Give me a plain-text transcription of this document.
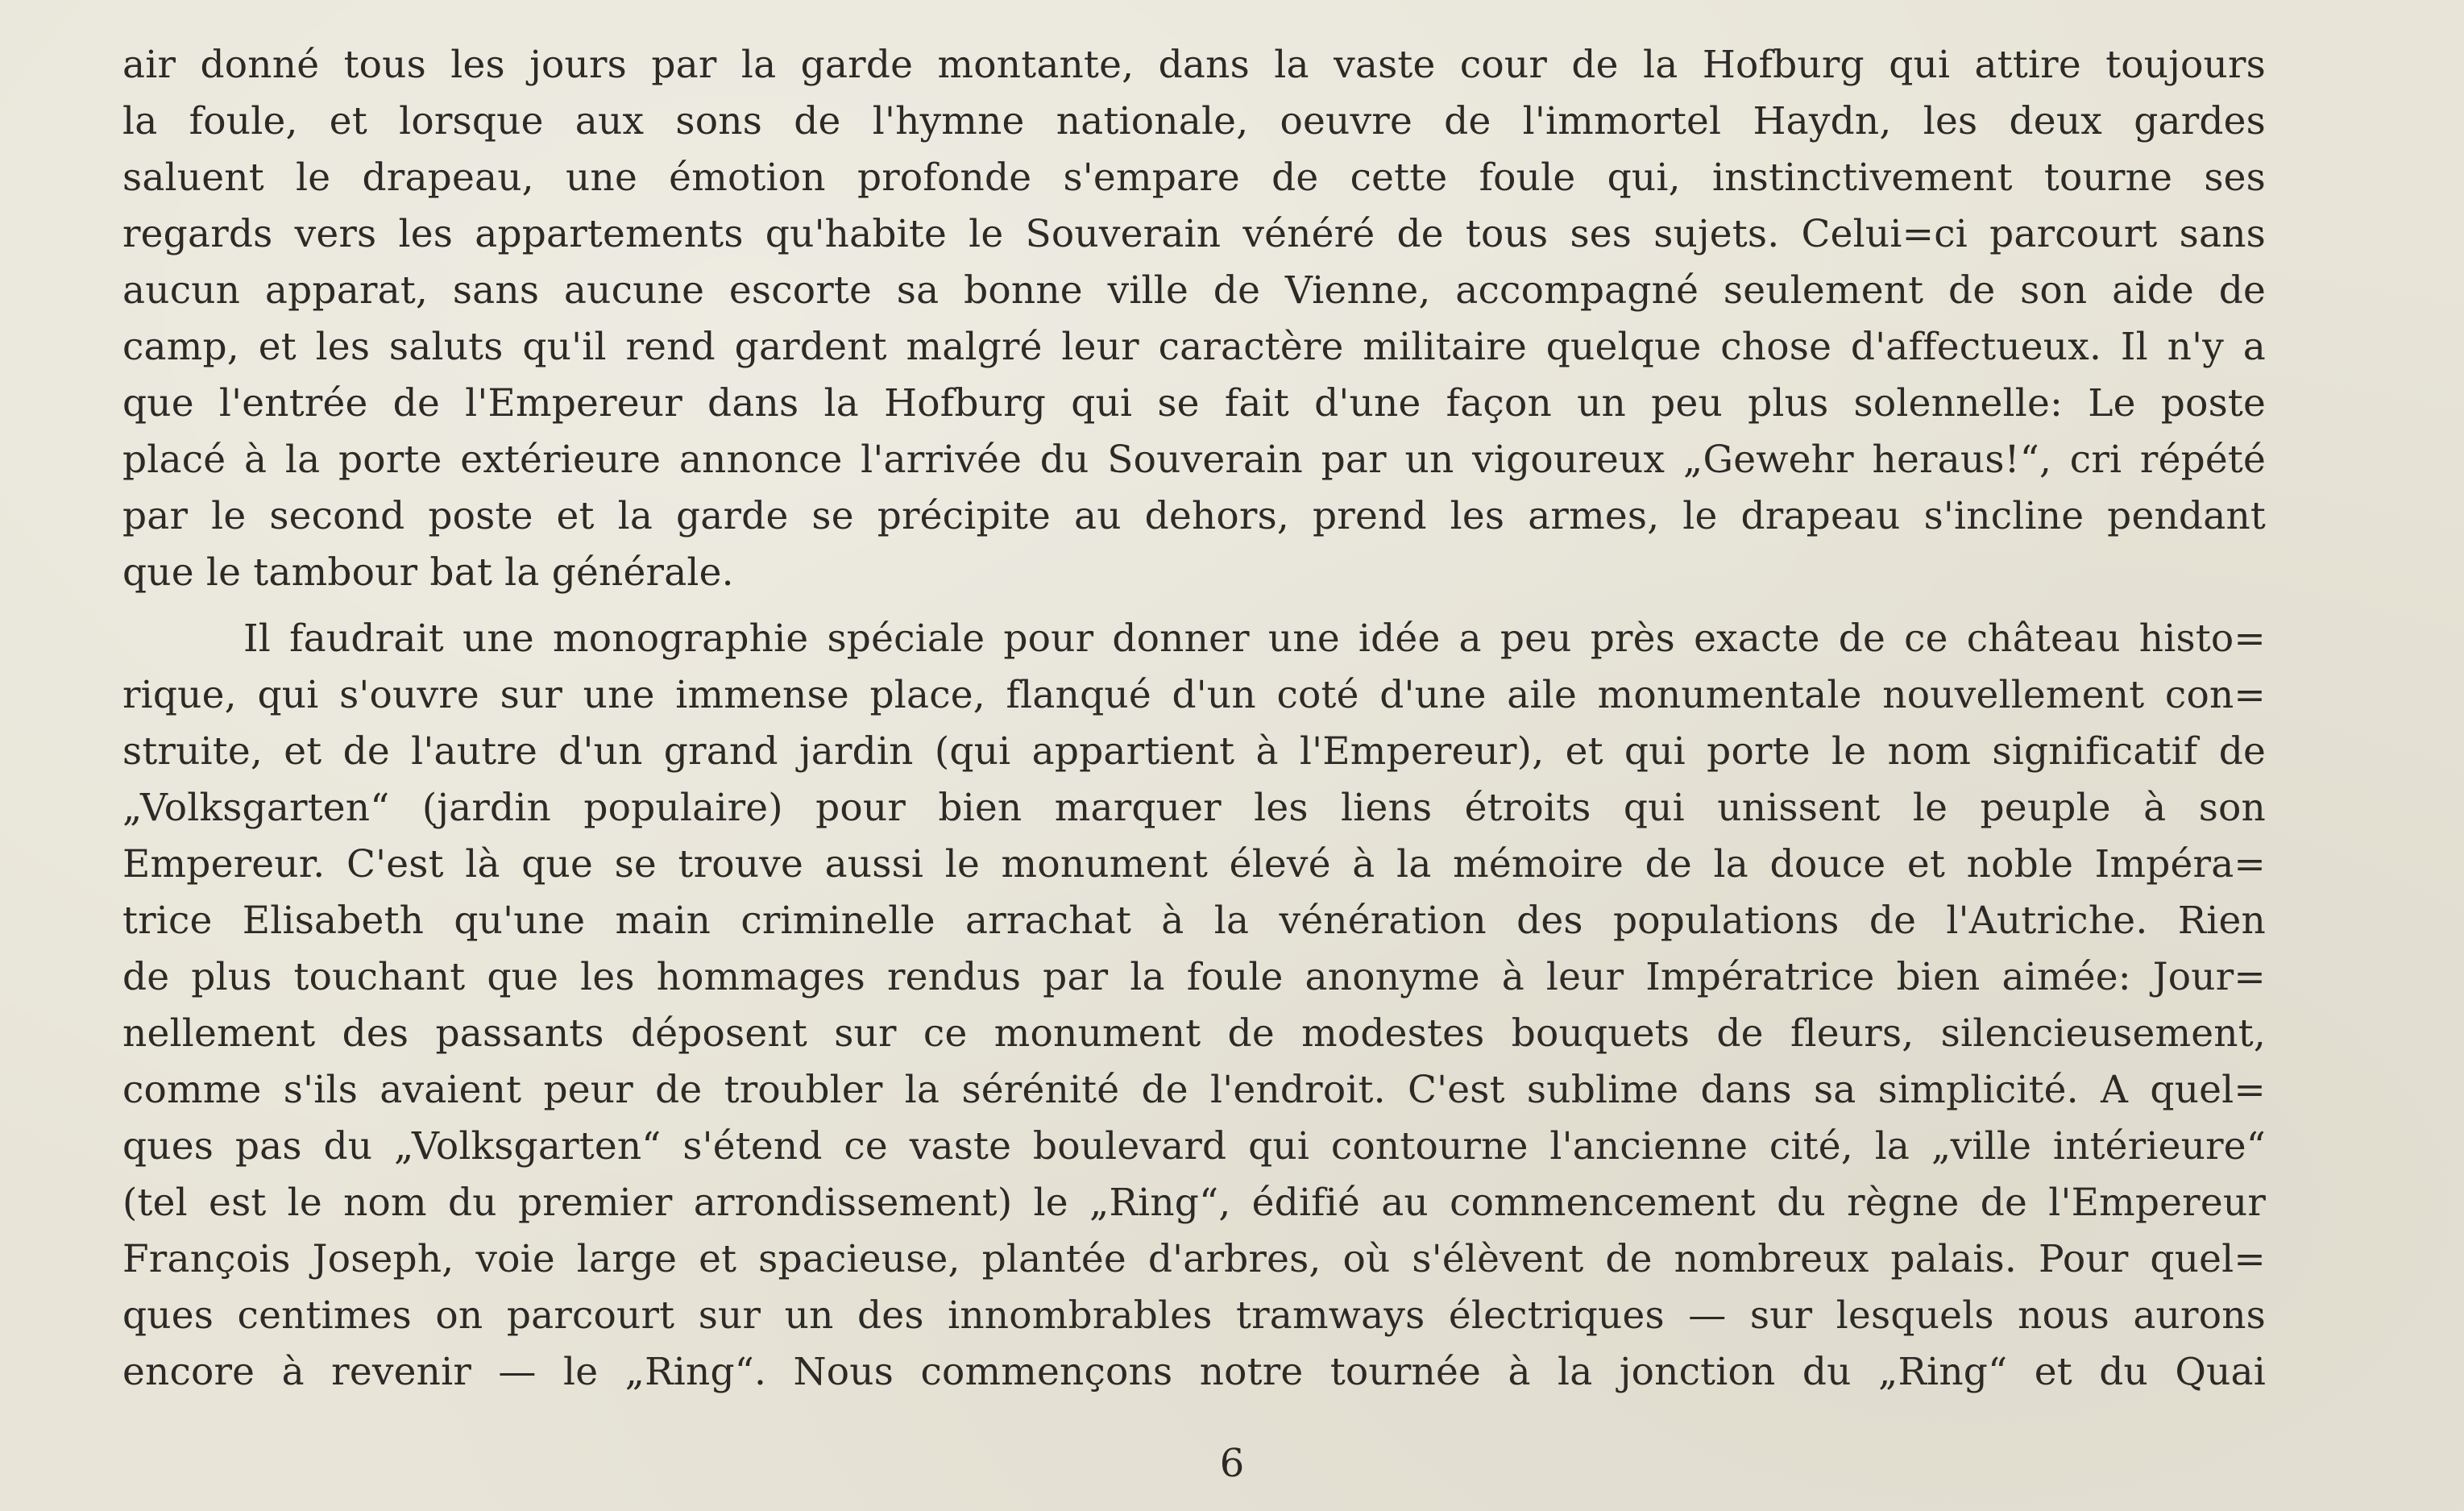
air donné tous les jours par la garde montante, dans la vaste cour de la Hofburg qui attire toujours
la foule, et lorsque aux sons de l'hymne nationale, oeuvre de l'immortel Haydn, les deux gardes
saluent le drapeau, une émotion profonde s'empare de cette foule qui, instinctivement tourne ses
regards vers les appartements qu'habite le Souverain vénéré de tous ses sujets. Celui=ci parcourt sans
aucun apparat, sans aucune escorte sa bonne ville de Vienne, accompagné seulement de son aide de
camp, et les saluts qu'il rend gardent malgré leur caractère militaire quelque chose d'affectueux. Il n'y a
que l'entrée de l'Empereur dans la Hofburg qui se fait d'une façon un peu plus solennelle: Le poste
placé à la porte extérieure annonce l'arrivée du Souverain par un vigoureux „Gewehr heraus!“, cri répété
par le second poste et la garde se précipite au dehors, prend les armes, le drapeau s'incline pendant
que le tambour bat la générale.
Il faudrait une monographie spéciale pour donner une idée a peu près exacte de ce château histo=
rique, qui s'ouvre sur une immense place, flanqué d'un coté d'une aile monumentale nouvellement con=
struite, et de l'autre d'un grand jardin (qui appartient à l'Empereur), et qui porte le nom significatif de
„Volksgarten“ (jardin populaire) pour bien marquer les liens étroits qui unissent le peuple à son
Empereur. C'est là que se trouve aussi le monument élevé à la mémoire de la douce et noble Impéra=
trice Elisabeth qu'une main criminelle arrachat à la vénération des populations de l'Autriche. Rien
de plus touchant que les hommages rendus par la foule anonyme à leur Impératrice bien aimée: Jour=
nellement des passants déposent sur ce monument de modestes bouquets de fleurs, silencieusement,
comme s'ils avaient peur de troubler la sérénité de l'endroit. C'est sublime dans sa simplicité. A quel=
ques pas du „Volksgarten“ s'étend ce vaste boulevard qui contourne l'ancienne cité, la „ville intérieure“
(tel est le nom du premier arrondissement) le „Ring“, édifié au commencement du règne de l'Empereur
François Joseph, voie large et spacieuse, plantée d'arbres, où s'élèvent de nombreux palais. Pour quel=
ques centimes on parcourt sur un des innombrables tramways électriques — sur lesquels nous aurons
encore à revenir — le „Ring“. Nous commençons notre tournée à la jonction du „Ring“ et du Quai
6
